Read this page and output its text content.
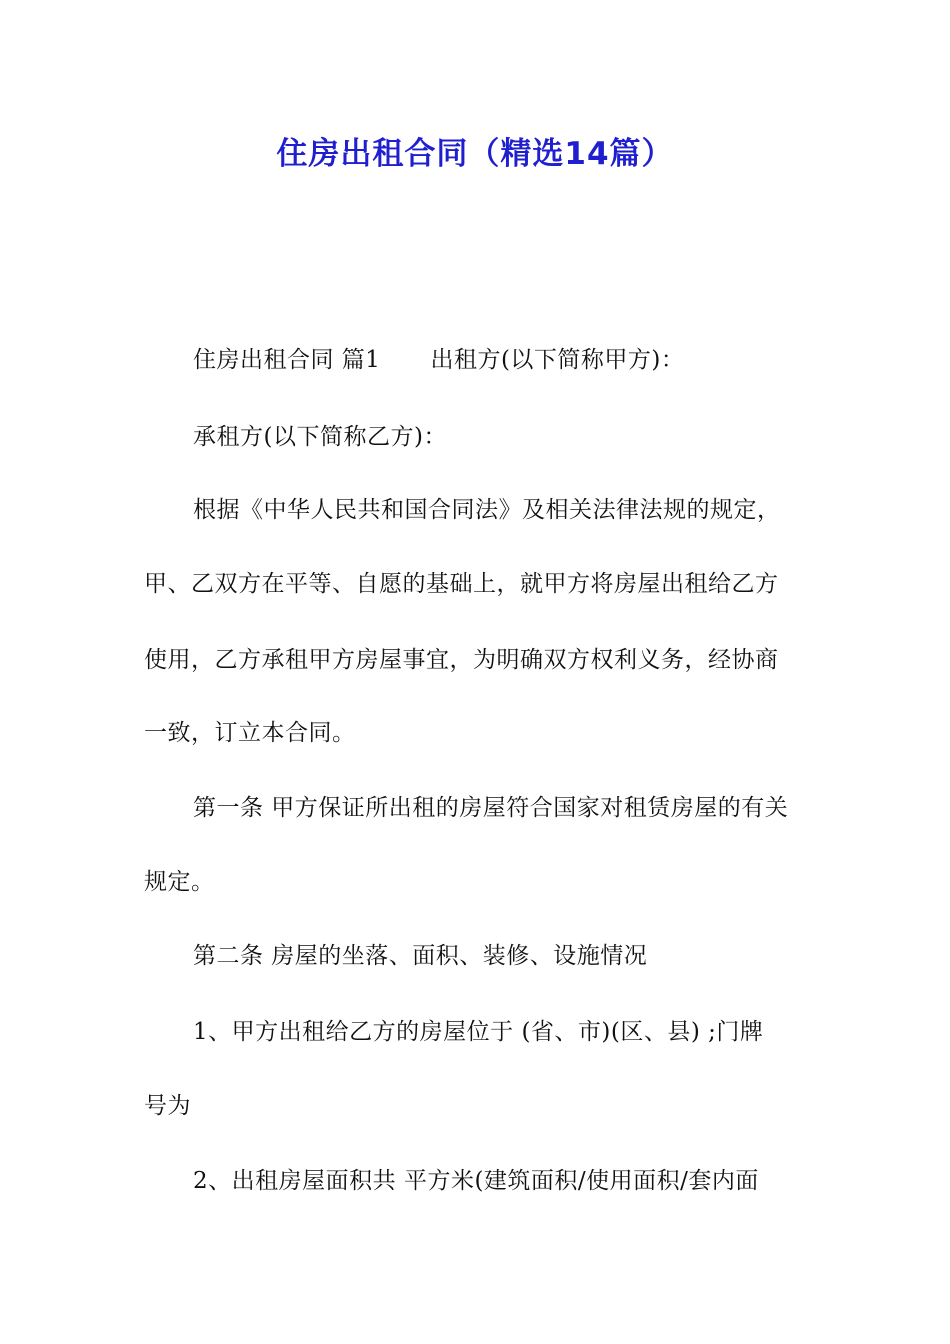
住房出租合同（精选14篇）
住房出租合同 篇1 出租方(以下简称甲方)：
承租方(以下简称乙方)：
根据《中华人民共和国合同法》及相关法律法规的规定，
甲、乙双方在平等、自愿的基础上，就甲方将房屋出租给乙方
使用，乙方承租甲方房屋事宜，为明确双方权利义务，经协商
一致，订立本合同。
第一条 甲方保证所出租的房屋符合国家对租赁房屋的有关
规定。
第二条 房屋的坐落、面积、装修、设施情况
1、甲方出租给乙方的房屋位于 (省、市)(区、县) ;门牌
号为
2、出租房屋面积共 平方米(建筑面积/使用面积/套内面
